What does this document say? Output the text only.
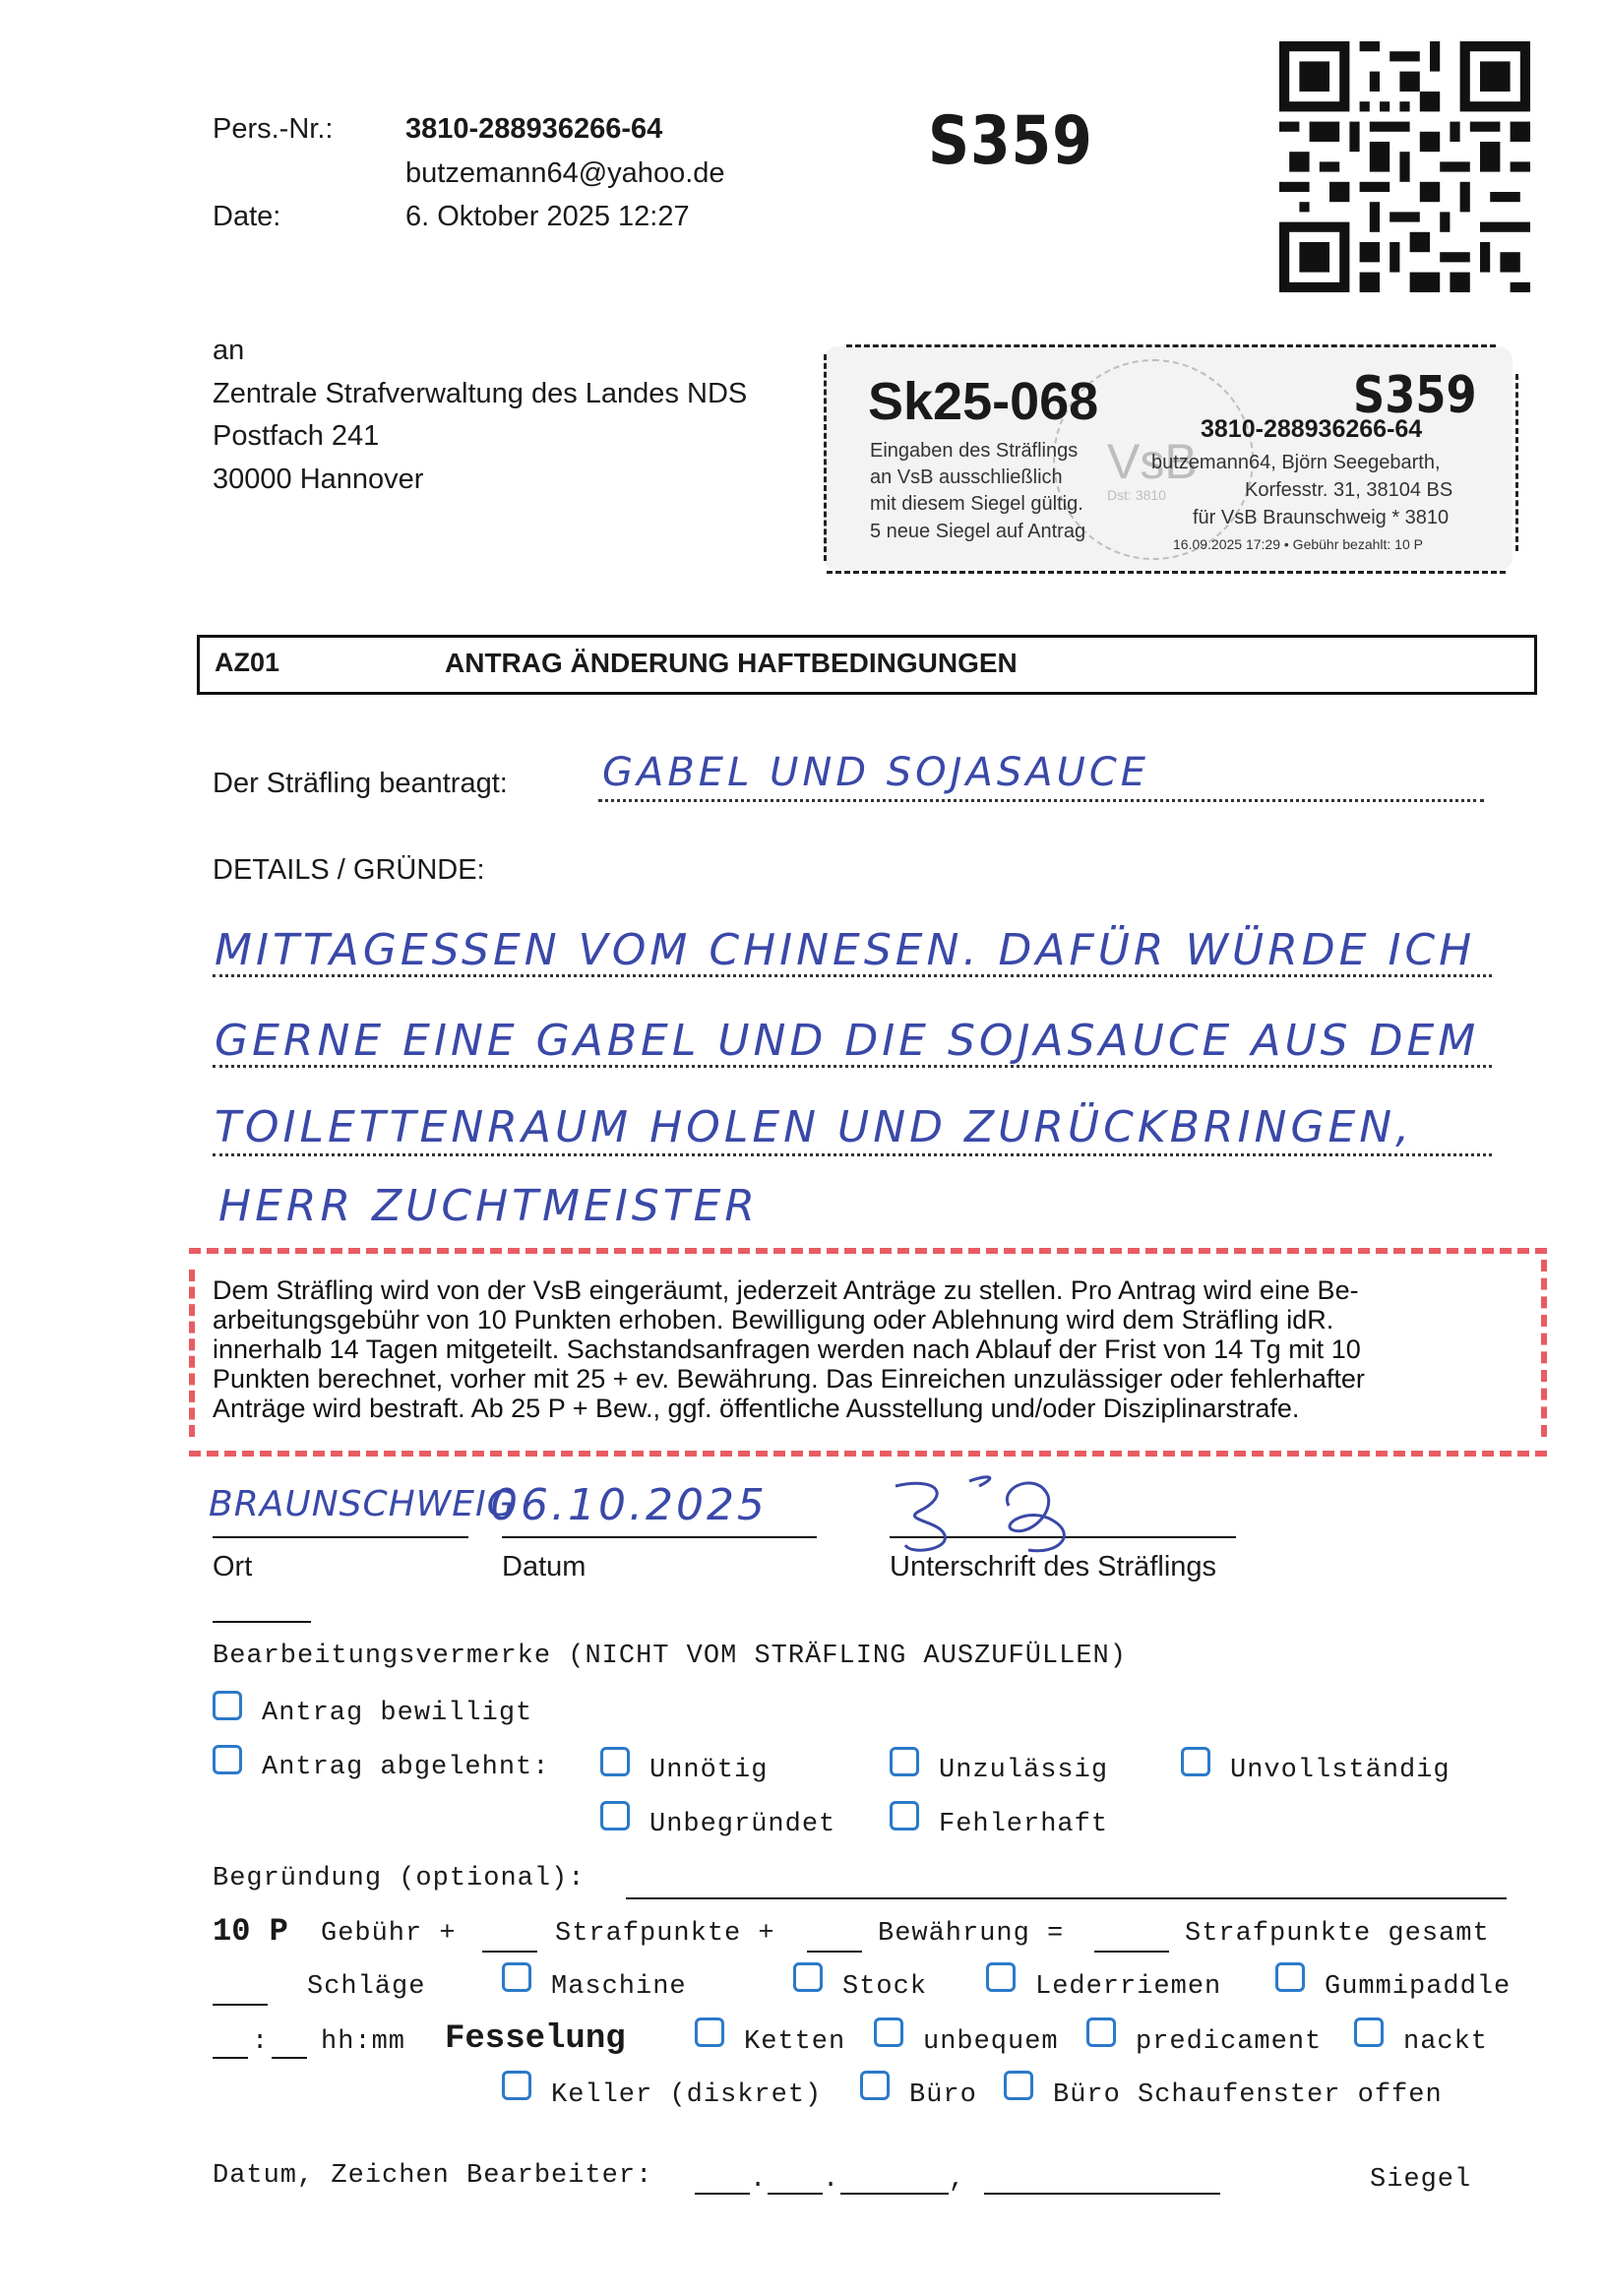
Pers.-Nr.:	3810-288936266-64
butzemann64@yahoo.de
Date:	6. Oktober 2025 12:27
S359
an
Zentrale Strafverwaltung des Landes NDS
Postfach 241
30000 Hannover	VsB
Dst: 3810
Sk25-068	S359
3810-288936266-64
Eingaben des Sträflings
an VsB ausschließlich
mit diesem Siegel gültig.
5 neue Siegel auf Antrag
butzemann64, Björn Seegebarth,
Korfesstr. 31, 38104 BS
für VsB Braunschweig * 3810
16.09.2025 17:29 • Gebühr bezahlt: 10 P
AZ01	ANTRAG ÄNDERUNG HAFTBEDINGUNGEN
Der Sträfling beantragt: GABEL UND SOJASAUCE
DETAILS / GRÜNDE:
MITTAGESSEN VOM CHINESEN. DAFÜR WÜRDE ICH
GERNE EINE GABEL UND DIE SOJASAUCE AUS DEM
TOILETTENRAUM HOLEN UND ZURÜCKBRINGEN,
HERR ZUCHTMEISTER
Dem Sträfling wird von der VsB eingeräumt, jederzeit Anträge zu stellen. Pro Antrag wird eine Be-
arbeitungsgebühr von 10 Punkten erhoben. Bewilligung oder Ablehnung wird dem Sträfling idR.
innerhalb 14 Tagen mitgeteilt. Sachstandsanfragen werden nach Ablauf der Frist von 14 Tg mit 10
Punkten berechnet, vorher mit 25 + ev. Bewährung. Das Einreichen unzulässiger oder fehlerhafter
Anträge wird bestraft. Ab 25 P + Bew., ggf. öffentliche Ausstellung und/oder Disziplinarstrafe.
BRAUNSCHWEIG
06.10.2025
Ort	Datum	Unterschrift des Sträflings
Bearbeitungsvermerke (NICHT VOM STRÄFLING AUSZUFÜLLEN)
Antrag bewilligt
Antrag abgelehnt:	Unnötig	Unzulässig	Unvollständig
Unbegründet	Fehlerhaft
Begründung (optional):
10 P Gebühr +	Strafpunkte +	Bewährung =	Strafpunkte gesamt
Schläge	Maschine	Stock	Lederriemen	Gummipaddle
: hh:mm Fesselung	Ketten	unbequem	predicament	nackt
Keller (diskret)	Büro	Büro Schaufenster offen
Datum, Zeichen Bearbeiter:	. .	,	Siegel
